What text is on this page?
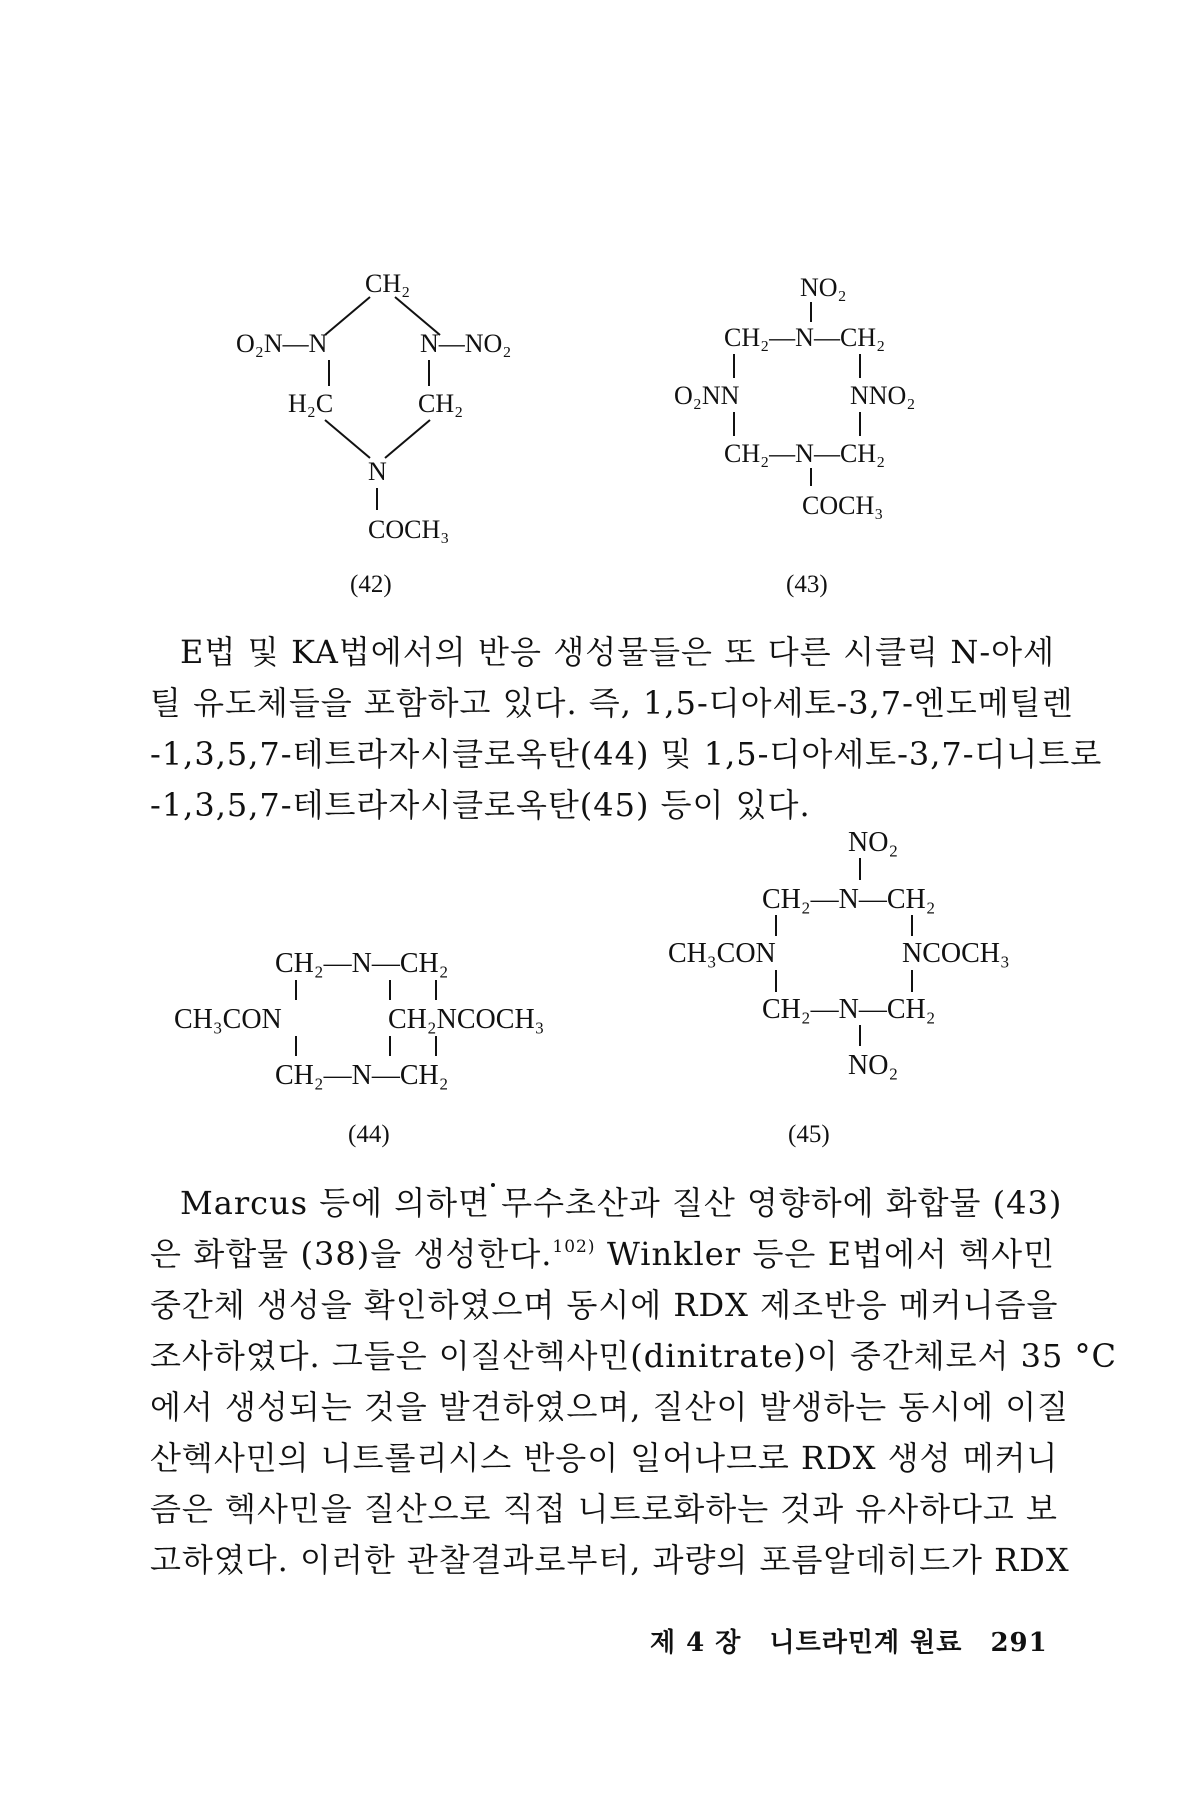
CH₂
O₂N—N	N—NO₂
H₂C	CH₂
N
COCH₃
(42)
NO₂
CH₂—N—CH₂
O₂NN	NNO₂
CH₂—N—CH₂
COCH₃
(43)
CH₂—N—CH₂
CH₃CON	CH₂NCOCH₃
CH₂—N—CH₂
(44)
NO₂
CH₂—N—CH₂
CH₃CON	NCOCH₃
CH₂—N—CH₂
NO₂
(45)
E법 및 KA법에서의 반응 생성물들은 또 다른 시클릭 N-아세
틸 유도체들을 포함하고 있다. 즉, 1,5-디아세토-3,7-엔도메틸렌
-1,3,5,7-테트라자시클로옥탄(44) 및 1,5-디아세토-3,7-디니트로
-1,3,5,7-테트라자시클로옥탄(45) 등이 있다.
Marcus 등에 의하면 무수초산과 질산 영향하에 화합물 (43)
은 화합물 (38)을 생성한다.$^{102)}$ Winkler 등은 E법에서 헥사민
중간체 생성을 확인하였으며 동시에 RDX 제조반응 메커니즘을
조사하였다. 그들은 이질산헥사민(dinitrate)이 중간체로서 35 °C
에서 생성되는 것을 발견하였으며, 질산이 발생하는 동시에 이질
산헥사민의 니트롤리시스 반응이 일어나므로 RDX 생성 메커니
즘은 헥사민을 질산으로 직접 니트로화하는 것과 유사하다고 보
고하였다. 이러한 관찰결과로부터, 과량의 포름알데히드가 RDX
제 4 장 니트라민계 원료 291
